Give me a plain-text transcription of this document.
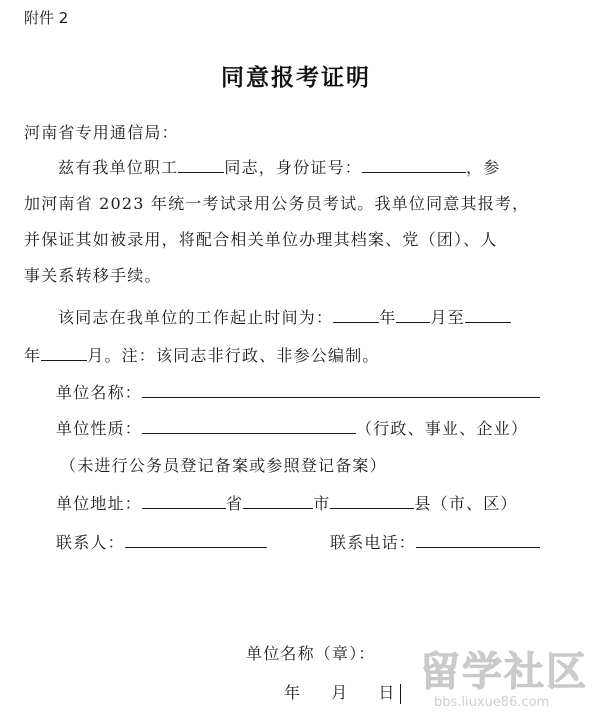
附件 2
同意报考证明
河南省专用通信局：
兹有我单位职工	同志，身份证号：	，参
加河南省 2023 年统一考试录用公务员考试。我单位同意其报考，
并保证其如被录用，将配合相关单位办理其档案、党（团）、人
事关系转移手续。
该同志在我单位的工作起止时间为：	年 月至
年	月。注：该同志非行政、非参公编制。
单位名称：
单位性质：	（行政、事业、企业）
（未进行公务员登记备案或参照登记备案）
单位地址：	省	市	县（市、区）
联系人：	联系电话：
单位名称（章）：
年 月 日 留学社区
bbs.liuxue86.com
